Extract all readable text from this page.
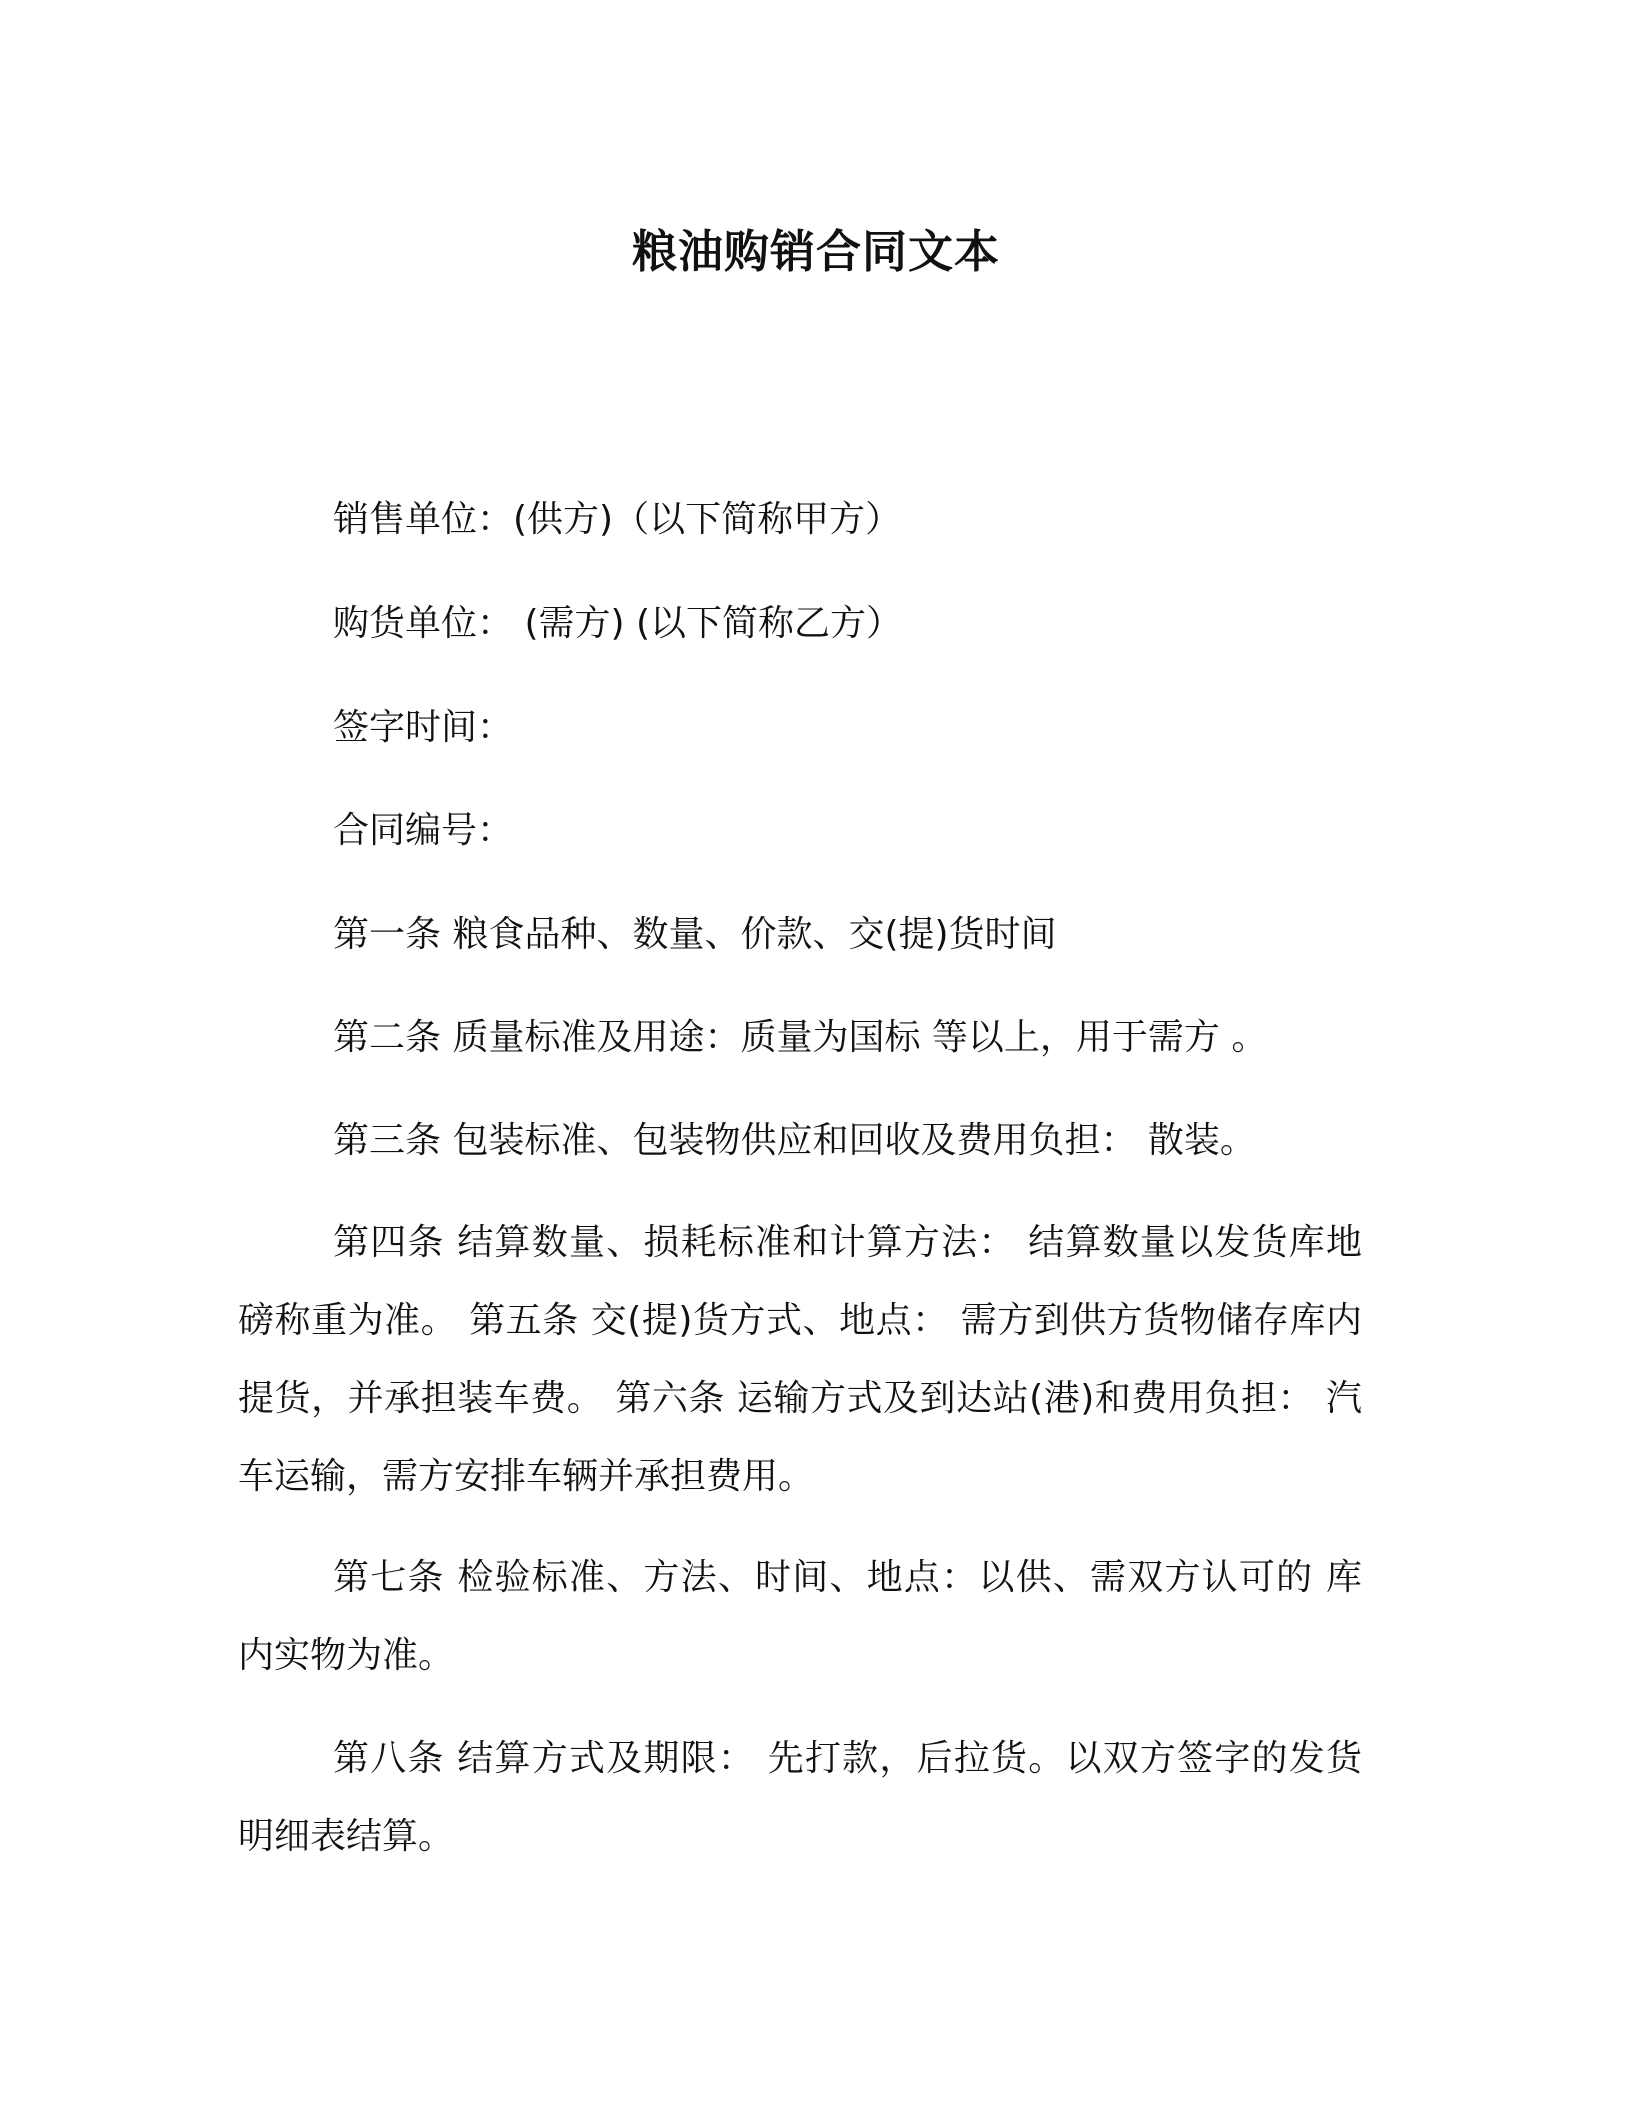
粮油购销合同文本
销售单位：(供方)（以下简称甲方）
购货单位： (需方) (以下简称乙方）
签字时间：
合同编号：
第一条 粮食品种、数量、价款、交(提)货时间
第二条 质量标准及用途：质量为国标 等以上，用于需方 。
第三条 包装标准、包装物供应和回收及费用负担： 散装。
第四条 结算数量、损耗标准和计算方法： 结算数量以发货库地磅称重为准。 第五条 交(提)货方式、地点： 需方到供方货物储存库内提货，并承担装车费。 第六条 运输方式及到达站(港)和费用负担： 汽车运输，需方安排车辆并承担费用。
第七条 检验标准、方法、时间、地点：以供、需双方认可的 库内实物为准。
第八条 结算方式及期限： 先打款，后拉货。以双方签字的发货明细表结算。
